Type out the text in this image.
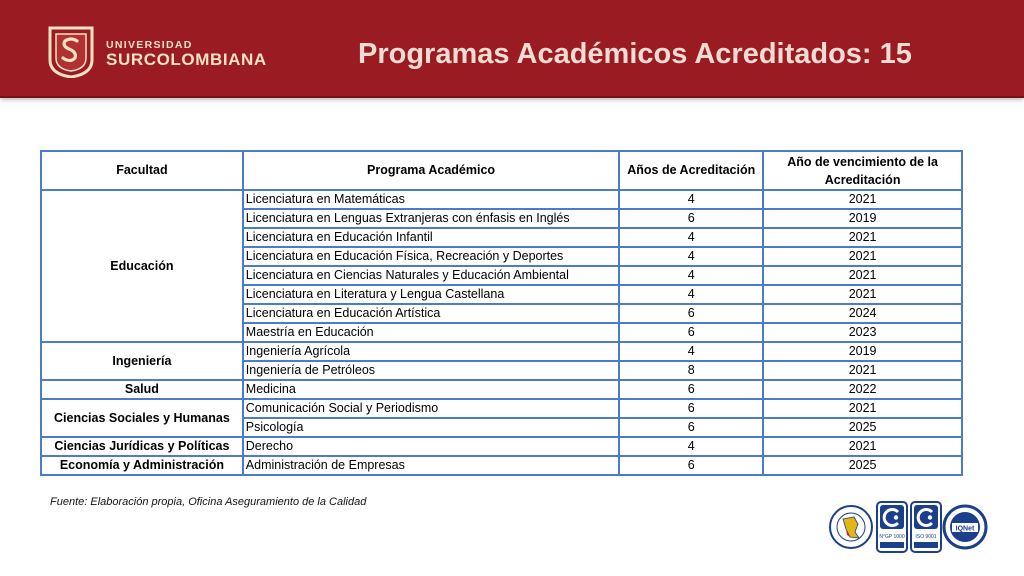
UNIVERSIDAD
SURCOLOMBIANA	Programas Académicos Acreditados: 15
Facultad	Programa Académico	Años de Acreditación	Año de vencimiento de la Acreditación
Educación	Licenciatura en Matemáticas	4	2021
	Licenciatura en Lenguas Extranjeras con énfasis en Inglés	6	2019
	Licenciatura en Educación Infantil	4	2021
	Licenciatura en Educación Física, Recreación y Deportes	4	2021
	Licenciatura en Ciencias Naturales y Educación Ambiental	4	2021
	Licenciatura en Literatura y Lengua Castellana	4	2021
	Licenciatura en Educación Artística	6	2024
	Maestría en Educación	6	2023
Ingeniería	Ingeniería Agrícola	4	2019
	Ingeniería de Petróleos	8	2021
Salud	Medicina	6	2022
Ciencias Sociales y Humanas	Comunicación Social y Periodismo	6	2021
	Psicología	6	2025
Ciencias Jurídicas y Políticas	Derecho	4	2021
Economía y Administración	Administración de Empresas	6	2025
Fuente: Elaboración propia, Oficina Aseguramiento de la Calidad
N°GP 1000 ISO 9001
IQNet
